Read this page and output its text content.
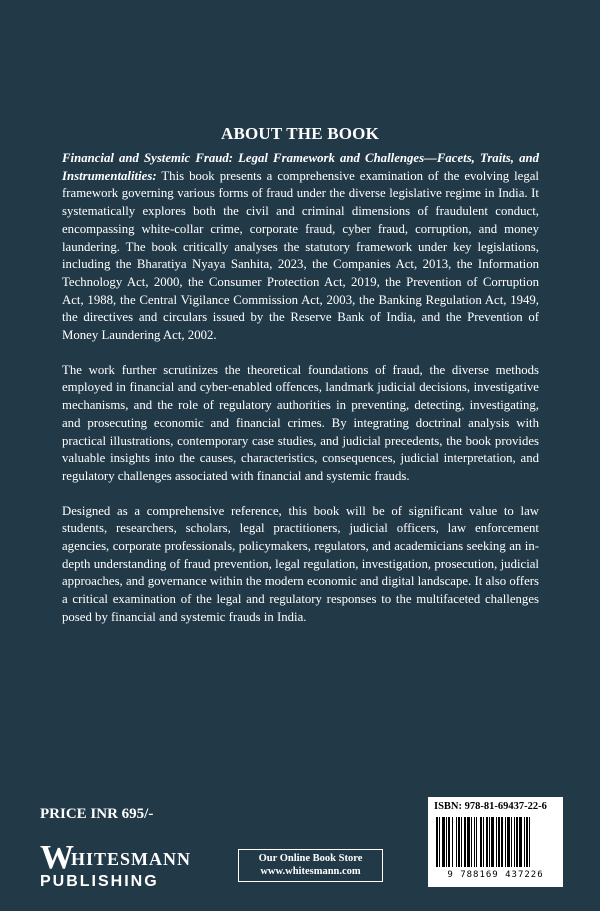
ABOUT THE BOOK

Financial and Systemic Fraud: Legal Framework and Challenges—Facets, Traits, and Instrumentalities: This book presents a comprehensive examination of the evolving legal framework governing various forms of fraud under the diverse legislative regime in India. It systematically explores both the civil and criminal dimensions of fraudulent conduct, encompassing white-collar crime, corporate fraud, cyber fraud, corruption, and money laundering. The book critically analyses the statutory framework under key legislations, including the Bharatiya Nyaya Sanhita, 2023, the Companies Act, 2013, the Information Technology Act, 2000, the Consumer Protection Act, 2019, the Prevention of Corruption Act, 1988, the Central Vigilance Commission Act, 2003, the Banking Regulation Act, 1949, the directives and circulars issued by the Reserve Bank of India, and the Prevention of Money Laundering Act, 2002.

The work further scrutinizes the theoretical foundations of fraud, the diverse methods employed in financial and cyber-enabled offences, landmark judicial decisions, investigative mechanisms, and the role of regulatory authorities in preventing, detecting, investigating, and prosecuting economic and financial crimes. By integrating doctrinal analysis with practical illustrations, contemporary case studies, and judicial precedents, the book provides valuable insights into the causes, characteristics, consequences, judicial interpretation, and regulatory challenges associated with financial and systemic frauds.

Designed as a comprehensive reference, this book will be of significant value to law students, researchers, scholars, legal practitioners, judicial officers, law enforcement agencies, corporate professionals, policymakers, regulators, and academicians seeking an in-depth understanding of fraud prevention, legal regulation, investigation, prosecution, judicial approaches, and governance within the modern economic and digital landscape. It also offers a critical examination of the legal and regulatory responses to the multifaceted challenges posed by financial and systemic frauds in India.

PRICE INR 695/-
W
HITESMANN
PUBLISHING
Our Online Book Store
www.whitesmann.com
ISBN: 978-81-69437-22-6
9 788169 437226
